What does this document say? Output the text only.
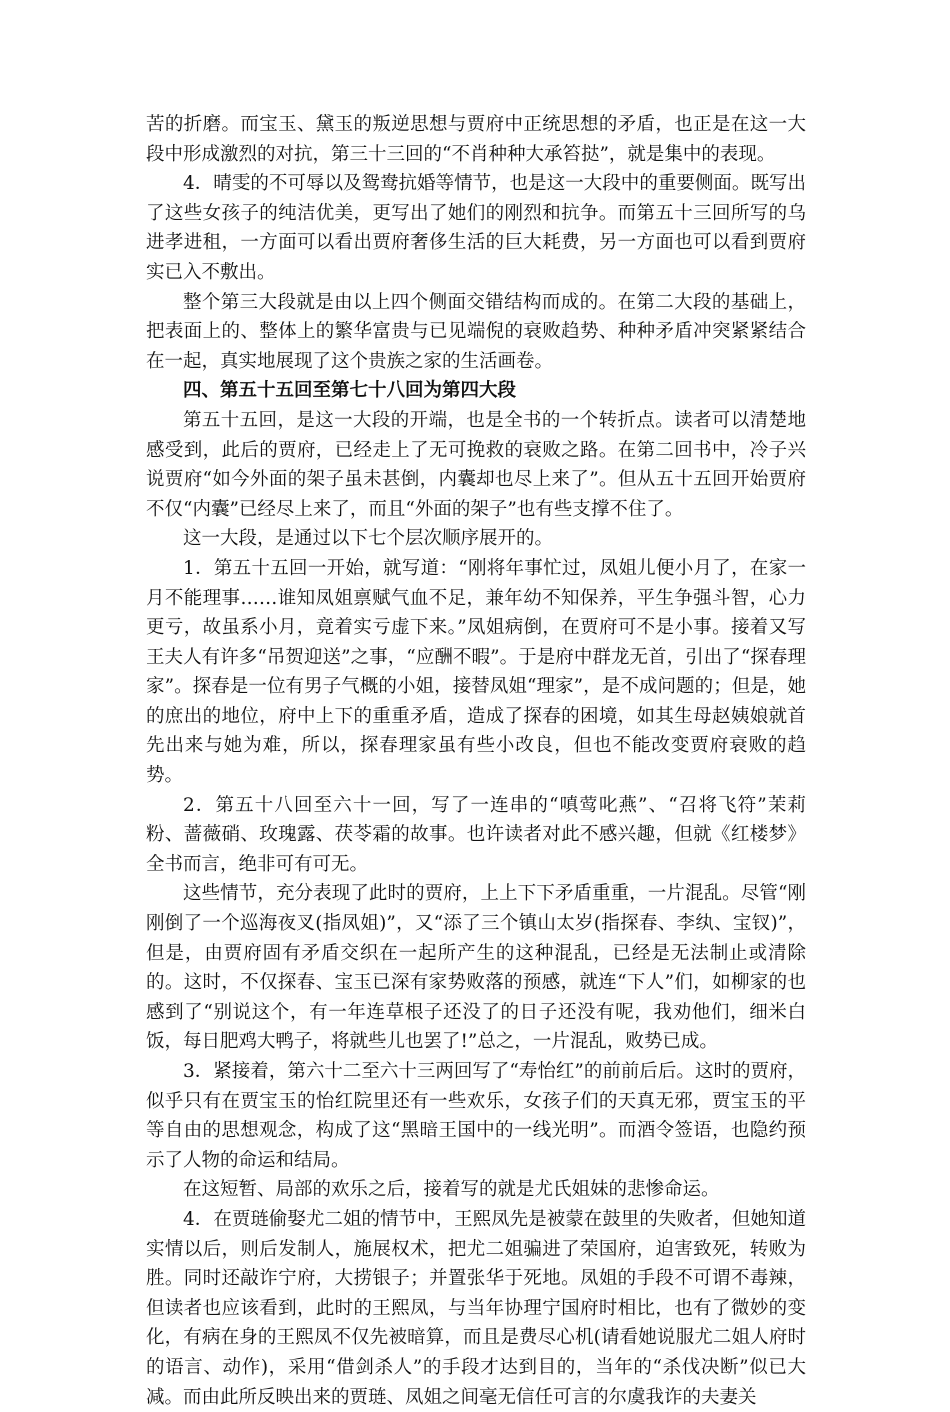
苦的折磨。而宝玉、黛玉的叛逆思想与贾府中正统思想的矛盾，也正是在这一大段中形成激烈的对抗，第三十三回的“不肖种种大承笞挞”，就是集中的表现。

4．晴雯的不可辱以及鸳鸯抗婚等情节，也是这一大段中的重要侧面。既写出了这些女孩子的纯洁优美，更写出了她们的刚烈和抗争。而第五十三回所写的乌进孝进租，一方面可以看出贾府奢侈生活的巨大耗费，另一方面也可以看到贾府实已入不敷出。

整个第三大段就是由以上四个侧面交错结构而成的。在第二大段的基础上，把表面上的、整体上的繁华富贵与已见端倪的衰败趋势、种种矛盾冲突紧紧结合在一起，真实地展现了这个贵族之家的生活画卷。

四、第五十五回至第七十八回为第四大段

第五十五回，是这一大段的开端，也是全书的一个转折点。读者可以清楚地感受到，此后的贾府，已经走上了无可挽救的衰败之路。在第二回书中，冷子兴说贾府“如今外面的架子虽未甚倒，内囊却也尽上来了”。但从五十五回开始贾府不仅“内囊”已经尽上来了，而且“外面的架子”也有些支撑不住了。

这一大段，是通过以下七个层次顺序展开的。

1．第五十五回一开始，就写道：“刚将年事忙过，凤姐儿便小月了，在家一月不能理事……谁知凤姐禀赋气血不足，兼年幼不知保养，平生争强斗智，心力更亏，故虽系小月，竟着实亏虚下来。”凤姐病倒，在贾府可不是小事。接着又写王夫人有许多“吊贺迎送”之事，“应酬不暇”。于是府中群龙无首，引出了“探春理家”。探春是一位有男子气概的小姐，接替凤姐“理家”，是不成问题的；但是，她的庶出的地位，府中上下的重重矛盾，造成了探春的困境，如其生母赵姨娘就首先出来与她为难，所以，探春理家虽有些小改良，但也不能改变贾府衰败的趋势。

2．第五十八回至六十一回，写了一连串的“嗔莺叱燕”、“召将飞符”茉莉粉、蔷薇硝、玫瑰露、茯苓霜的故事。也许读者对此不感兴趣，但就《红楼梦》全书而言，绝非可有可无。

这些情节，充分表现了此时的贾府，上上下下矛盾重重，一片混乱。尽管“刚刚倒了一个巡海夜叉(指凤姐)”，又“添了三个镇山太岁(指探春、李纨、宝钗)”，但是，由贾府固有矛盾交织在一起所产生的这种混乱，已经是无法制止或清除的。这时，不仅探春、宝玉已深有家势败落的预感，就连“下人”们，如柳家的也感到了“别说这个，有一年连草根子还没了的日子还没有呢，我劝他们，细米白饭，每日肥鸡大鸭子，将就些儿也罢了!”总之，一片混乱，败势已成。

3．紧接着，第六十二至六十三两回写了“寿怡红”的前前后后。这时的贾府，似乎只有在贾宝玉的怡红院里还有一些欢乐，女孩子们的天真无邪，贾宝玉的平等自由的思想观念，构成了这“黑暗王国中的一线光明”。而酒令签语，也隐约预示了人物的命运和结局。

在这短暂、局部的欢乐之后，接着写的就是尤氏姐妹的悲惨命运。

4．在贾琏偷娶尤二姐的情节中，王熙凤先是被蒙在鼓里的失败者，但她知道实情以后，则后发制人，施展权术，把尤二姐骗进了荣国府，迫害致死，转败为胜。同时还敲诈宁府，大捞银子；并置张华于死地。凤姐的手段不可谓不毒辣，但读者也应该看到，此时的王熙凤，与当年协理宁国府时相比，也有了微妙的变化，有病在身的王熙凤不仅先被暗算，而且是费尽心机(请看她说服尤二姐人府时的语言、动作)，采用“借剑杀人”的手段才达到目的，当年的“杀伐决断”似已大减。而由此所反映出来的贾琏、凤姐之间毫无信任可言的尔虞我诈的夫妻关
